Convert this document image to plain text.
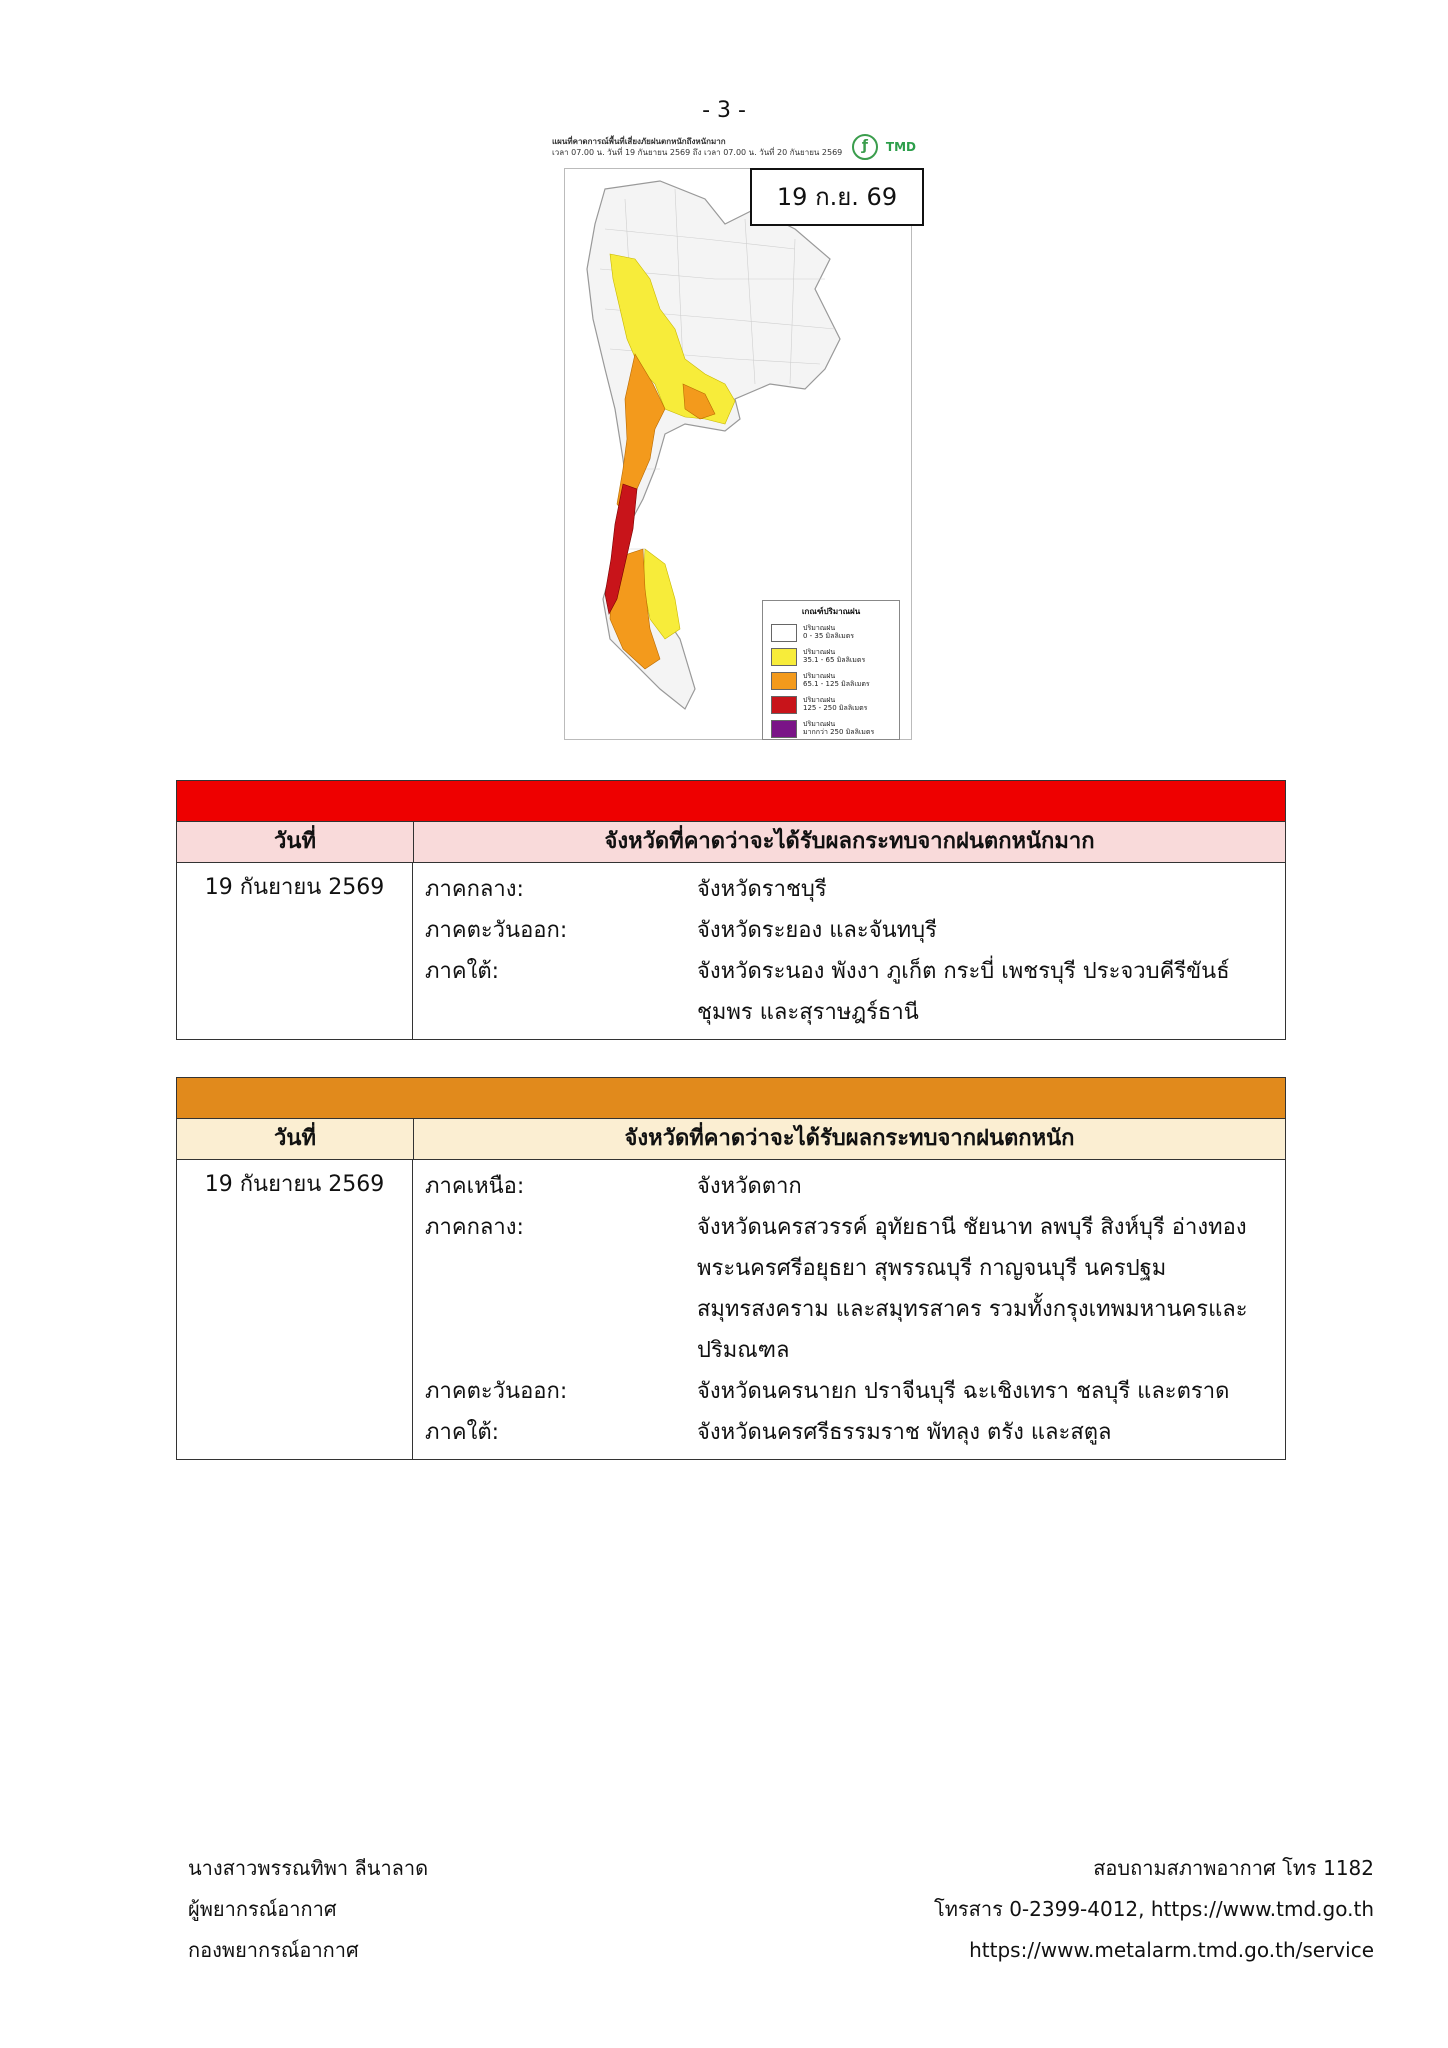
- 3 -
แผนที่คาดการณ์พื้นที่เสี่ยงภัยฝนตกหนักถึงหนักมาก
เวลา 07.00 น. วันที่ 19 กันยายน 2569 ถึง เวลา 07.00 น. วันที่ 20 กันยายน 2569	ƒ	TMD
19 ก.ย. 69
เกณฑ์ปริมาณฝน
ปริมาณฝน
0 - 35 มิลลิเมตร
ปริมาณฝน
35.1 - 65 มิลลิเมตร
ปริมาณฝน
65.1 - 125 มิลลิเมตร
ปริมาณฝน
125 - 250 มิลลิเมตร
ปริมาณฝน
มากกว่า 250 มิลลิเมตร
วันที่	จังหวัดที่คาดว่าจะได้รับผลกระทบจากฝนตกหนักมาก
19 กันยายน 2569	ภาคกลาง:	จังหวัดราชบุรี
ภาคตะวันออก:	จังหวัดระยอง และจันทบุรี
ภาคใต้:	จังหวัดระนอง พังงา ภูเก็ต กระบี่ เพชรบุรี ประจวบคีรีขันธ์
ชุมพร และสุราษฎร์ธานี
วันที่	จังหวัดที่คาดว่าจะได้รับผลกระทบจากฝนตกหนัก
19 กันยายน 2569	ภาคเหนือ:	จังหวัดตาก
ภาคกลาง:	จังหวัดนครสวรรค์ อุทัยธานี ชัยนาท ลพบุรี สิงห์บุรี อ่างทอง
พระนครศรีอยุธยา สุพรรณบุรี กาญจนบุรี นครปฐม
สมุทรสงคราม และสมุทรสาคร รวมทั้งกรุงเทพมหานครและ
ปริมณฑล
ภาคตะวันออก:	จังหวัดนครนายก ปราจีนบุรี ฉะเชิงเทรา ชลบุรี และตราด
ภาคใต้:	จังหวัดนครศรีธรรมราช พัทลุง ตรัง และสตูล
นางสาวพรรณทิพา ลีนาลาด
ผู้พยากรณ์อากาศ
กองพยากรณ์อากาศ
สอบถามสภาพอากาศ โทร 1182
โทรสาร 0-2399-4012, https://www.tmd.go.th
https://www.metalarm.tmd.go.th/service
